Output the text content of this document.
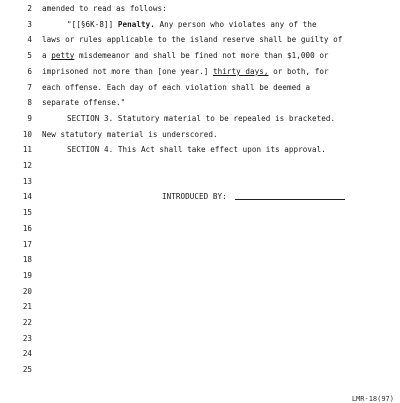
2 amended to read as follows:
3	"[[§6K-8]] Penalty. Any person who violates any of the
4 laws or rules applicable to the island reserve shall be guilty of
5 a petty misdemeanor and shall be fined not more than $1,000 or
6 imprisoned not more than [one year.] thirty days, or both, for
7 each offense. Each day of each violation shall be deemed a
8 separate offense."
9	SECTION 3. Statutory material to be repealed is bracketed.
10 New statutory material is underscored.
11	SECTION 4. This Act shall take effect upon its approval.
12
13
14	INTRODUCED BY:
15
16
17
18
19
20
21
22
23
24
25
LMR-18(97)
